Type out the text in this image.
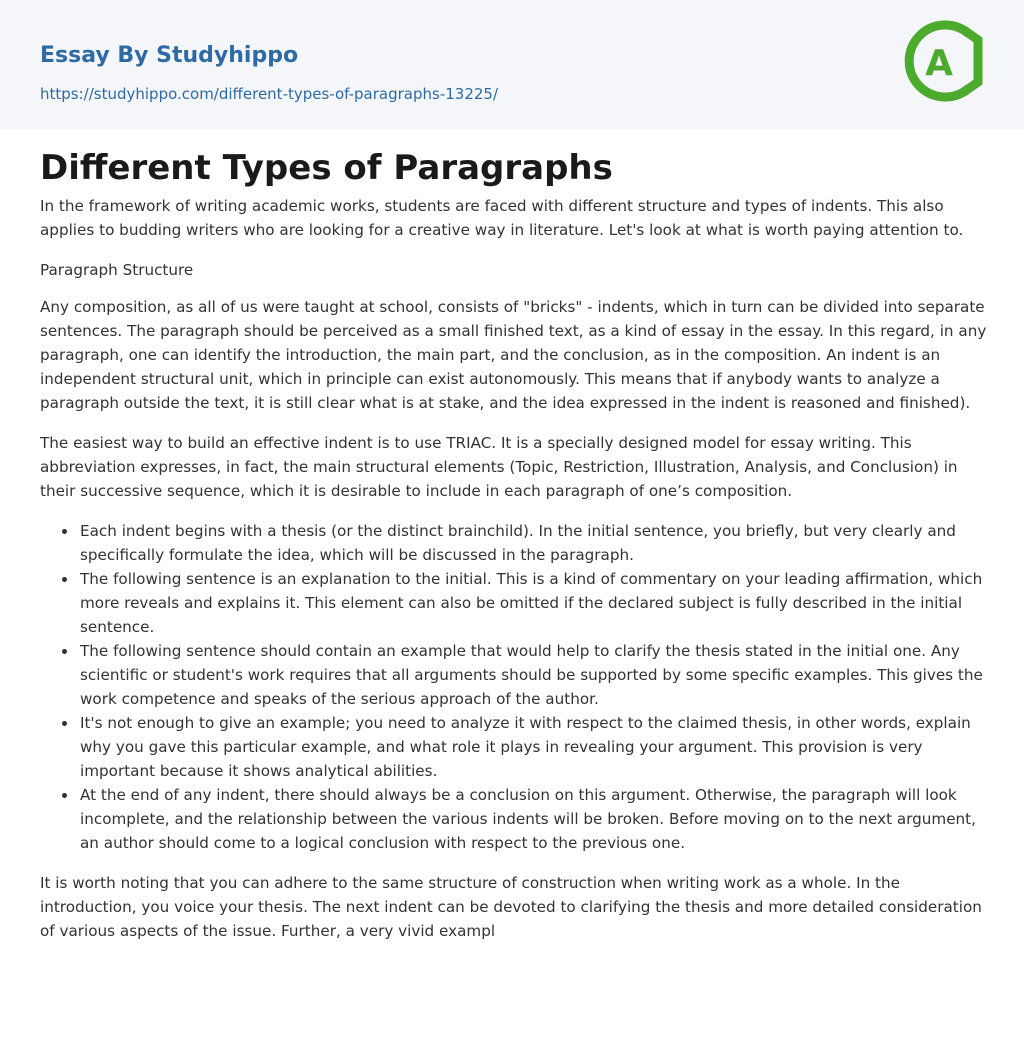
Essay By Studyhippo
https://studyhippo.com/different-types-of-paragraphs-13225/
A
Different Types of Paragraphs

In the framework of writing academic works, students are faced with different structure and types of indents. This also applies to budding writers who are looking for a creative way in literature. Let's look at what is worth paying attention to.

Paragraph Structure

Any composition, as all of us were taught at school, consists of "bricks" - indents, which in turn can be divided into separate sentences. The paragraph should be perceived as a small finished text, as a kind of essay in the essay. In this regard, in any paragraph, one can identify the introduction, the main part, and the conclusion, as in the composition. An indent is an independent structural unit, which in principle can exist autonomously. This means that if anybody wants to analyze a paragraph outside the text, it is still clear what is at stake, and the idea expressed in the indent is reasoned and finished).

The easiest way to build an effective indent is to use TRIAC. It is a specially designed model for essay writing. This abbreviation expresses, in fact, the main structural elements (Topic, Restriction, Illustration, Analysis, and Conclusion) in their successive sequence, which it is desirable to include in each paragraph of one’s composition.

Each indent begins with a thesis (or the distinct brainchild). In the initial sentence, you briefly, but very clearly and specifically formulate the idea, which will be discussed in the paragraph.
The following sentence is an explanation to the initial. This is a kind of commentary on your leading affirmation, which more reveals and explains it. This element can also be omitted if the declared subject is fully described in the initial sentence.
The following sentence should contain an example that would help to clarify the thesis stated in the initial one. Any scientific or student's work requires that all arguments should be supported by some specific examples. This gives the work competence and speaks of the serious approach of the author.
It's not enough to give an example; you need to analyze it with respect to the claimed thesis, in other words, explain why you gave this particular example, and what role it plays in revealing your argument. This provision is very important because it shows analytical abilities.
At the end of any indent, there should always be a conclusion on this argument. Otherwise, the paragraph will look incomplete, and the relationship between the various indents will be broken. Before moving on to the next argument, an author should come to a logical conclusion with respect to the previous one.

It is worth noting that you can adhere to the same structure of construction when writing work as a whole. In the introduction, you voice your thesis. The next indent can be devoted to clarifying the thesis and more detailed consideration of various aspects of the issue. Further, a very vivid exampl
